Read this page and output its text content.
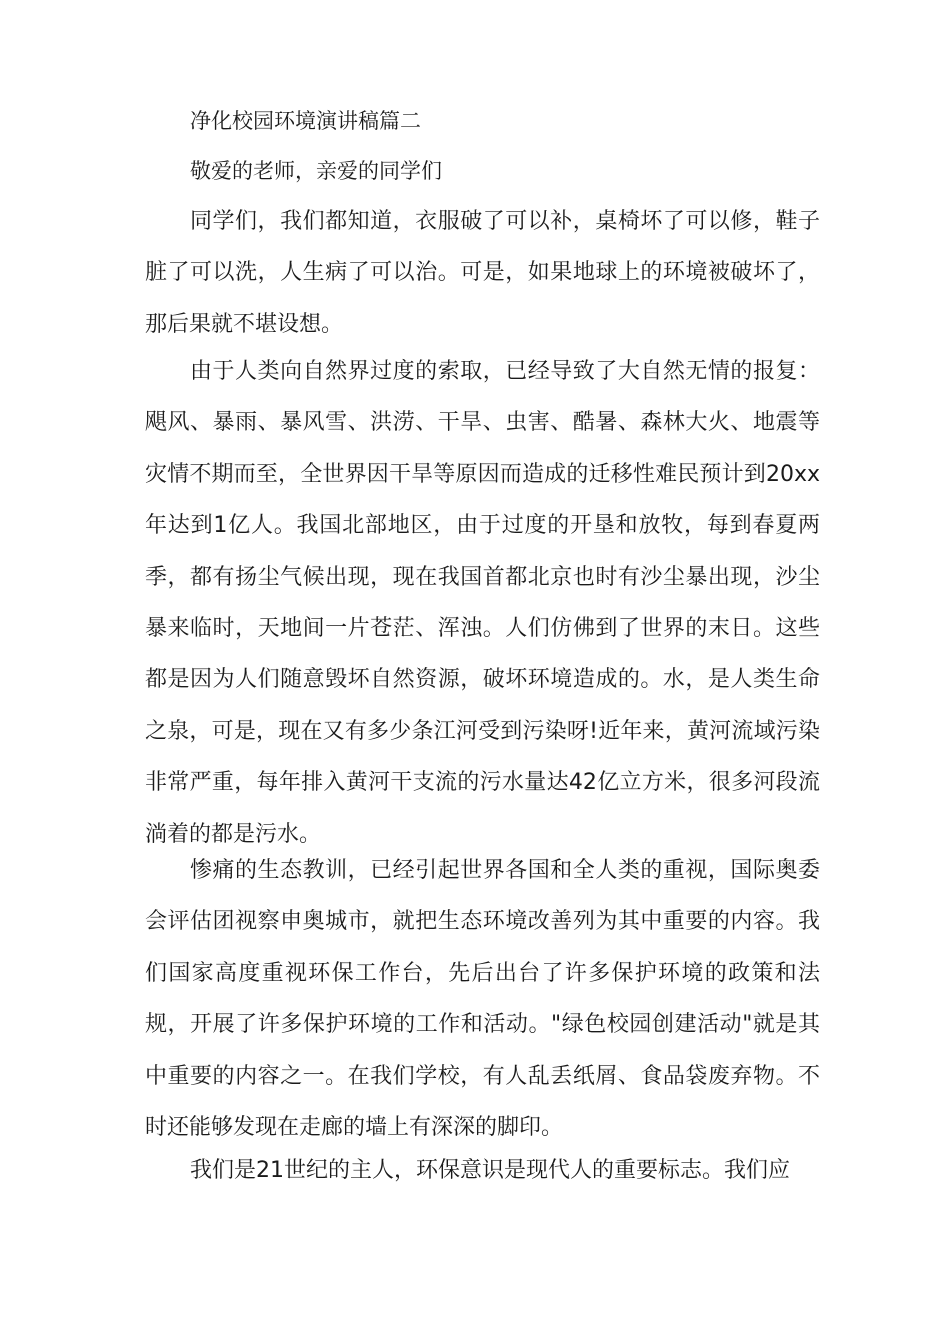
净化校园环境演讲稿篇二
敬爱的老师，亲爱的同学们

同学们，我们都知道，衣服破了可以补，桌椅坏了可以修，鞋子脏了可以洗，人生病了可以治。可是，如果地球上的环境被破坏了，那后果就不堪设想。

由于人类向自然界过度的索取，已经导致了大自然无情的报复：飓风、暴雨、暴风雪、洪涝、干旱、虫害、酷暑、森林大火、地震等灾情不期而至，全世界因干旱等原因而造成的迁移性难民预计到20xx年达到1亿人。我国北部地区，由于过度的开垦和放牧，每到春夏两季，都有扬尘气候出现，现在我国首都北京也时有沙尘暴出现，沙尘暴来临时，天地间一片苍茫、浑浊。人们仿佛到了世界的末日。这些都是因为人们随意毁坏自然资源，破坏环境造成的。水，是人类生命之泉，可是，现在又有多少条江河受到污染呀!近年来，黄河流域污染非常严重，每年排入黄河干支流的污水量达42亿立方米，很多河段流淌着的都是污水。

惨痛的生态教训，已经引起世界各国和全人类的重视，国际奥委会评估团视察申奥城市，就把生态环境改善列为其中重要的内容。我们国家高度重视环保工作台，先后出台了许多保护环境的政策和法规，开展了许多保护环境的工作和活动。"绿色校园创建活动"就是其中重要的内容之一。在我们学校，有人乱丢纸屑、食品袋废弃物。不时还能够发现在走廊的墙上有深深的脚印。

我们是21世纪的主人，环保意识是现代人的重要标志。我们应
